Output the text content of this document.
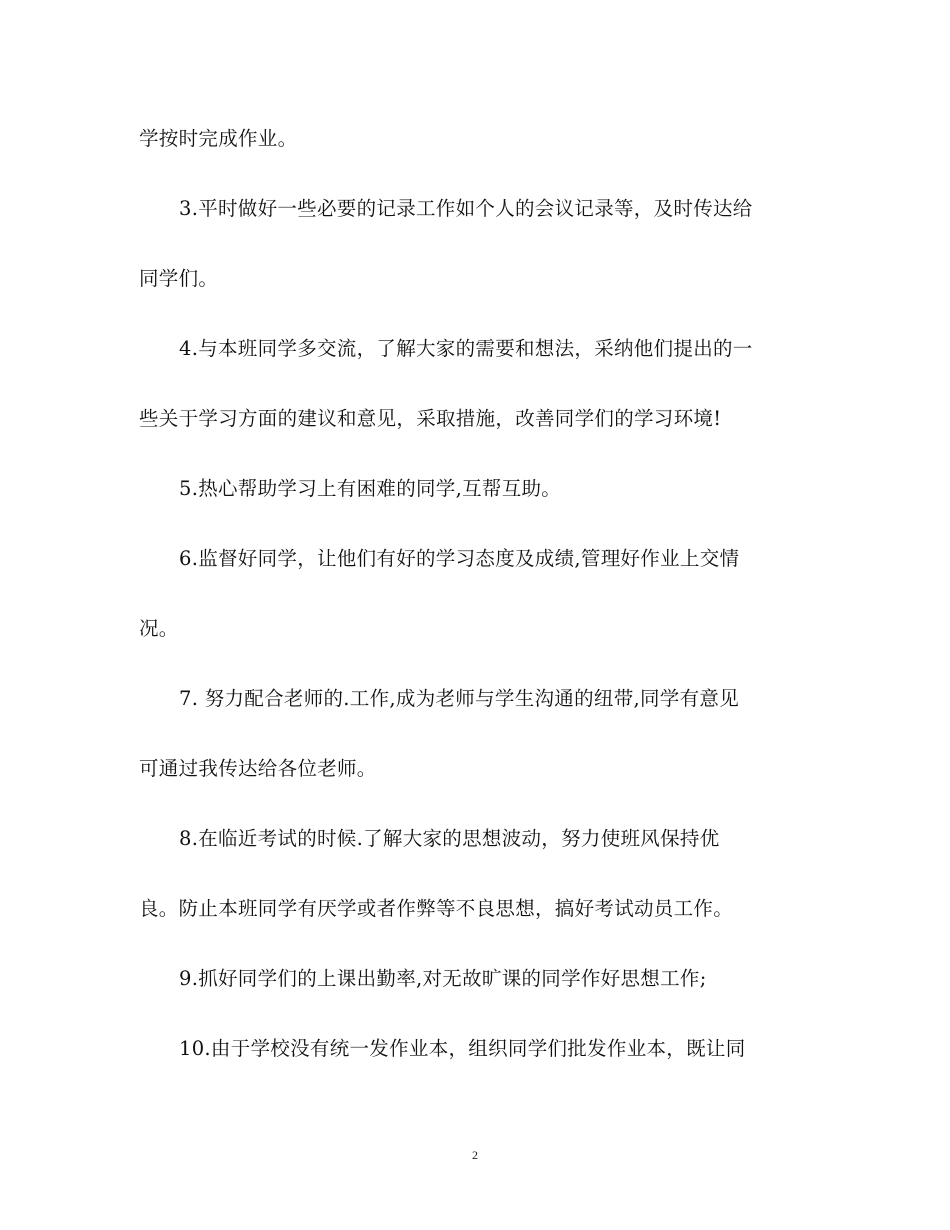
学按时完成作业。
3.平时做好一些必要的记录工作如个人的会议记录等，及时传达给
同学们。
4.与本班同学多交流，了解大家的需要和想法，采纳他们提出的一
些关于学习方面的建议和意见，采取措施，改善同学们的学习环境!
5.热心帮助学习上有困难的同学,互帮互助。
6.监督好同学，让他们有好的学习态度及成绩,管理好作业上交情
况。
7. 努力配合老师的.工作,成为老师与学生沟通的纽带,同学有意见
可通过我传达给各位老师。
8.在临近考试的时候.了解大家的思想波动，努力使班风保持优
良。防止本班同学有厌学或者作弊等不良思想，搞好考试动员工作。
9.抓好同学们的上课出勤率,对无故旷课的同学作好思想工作;
10.由于学校没有统一发作业本，组织同学们批发作业本，既让同
2
